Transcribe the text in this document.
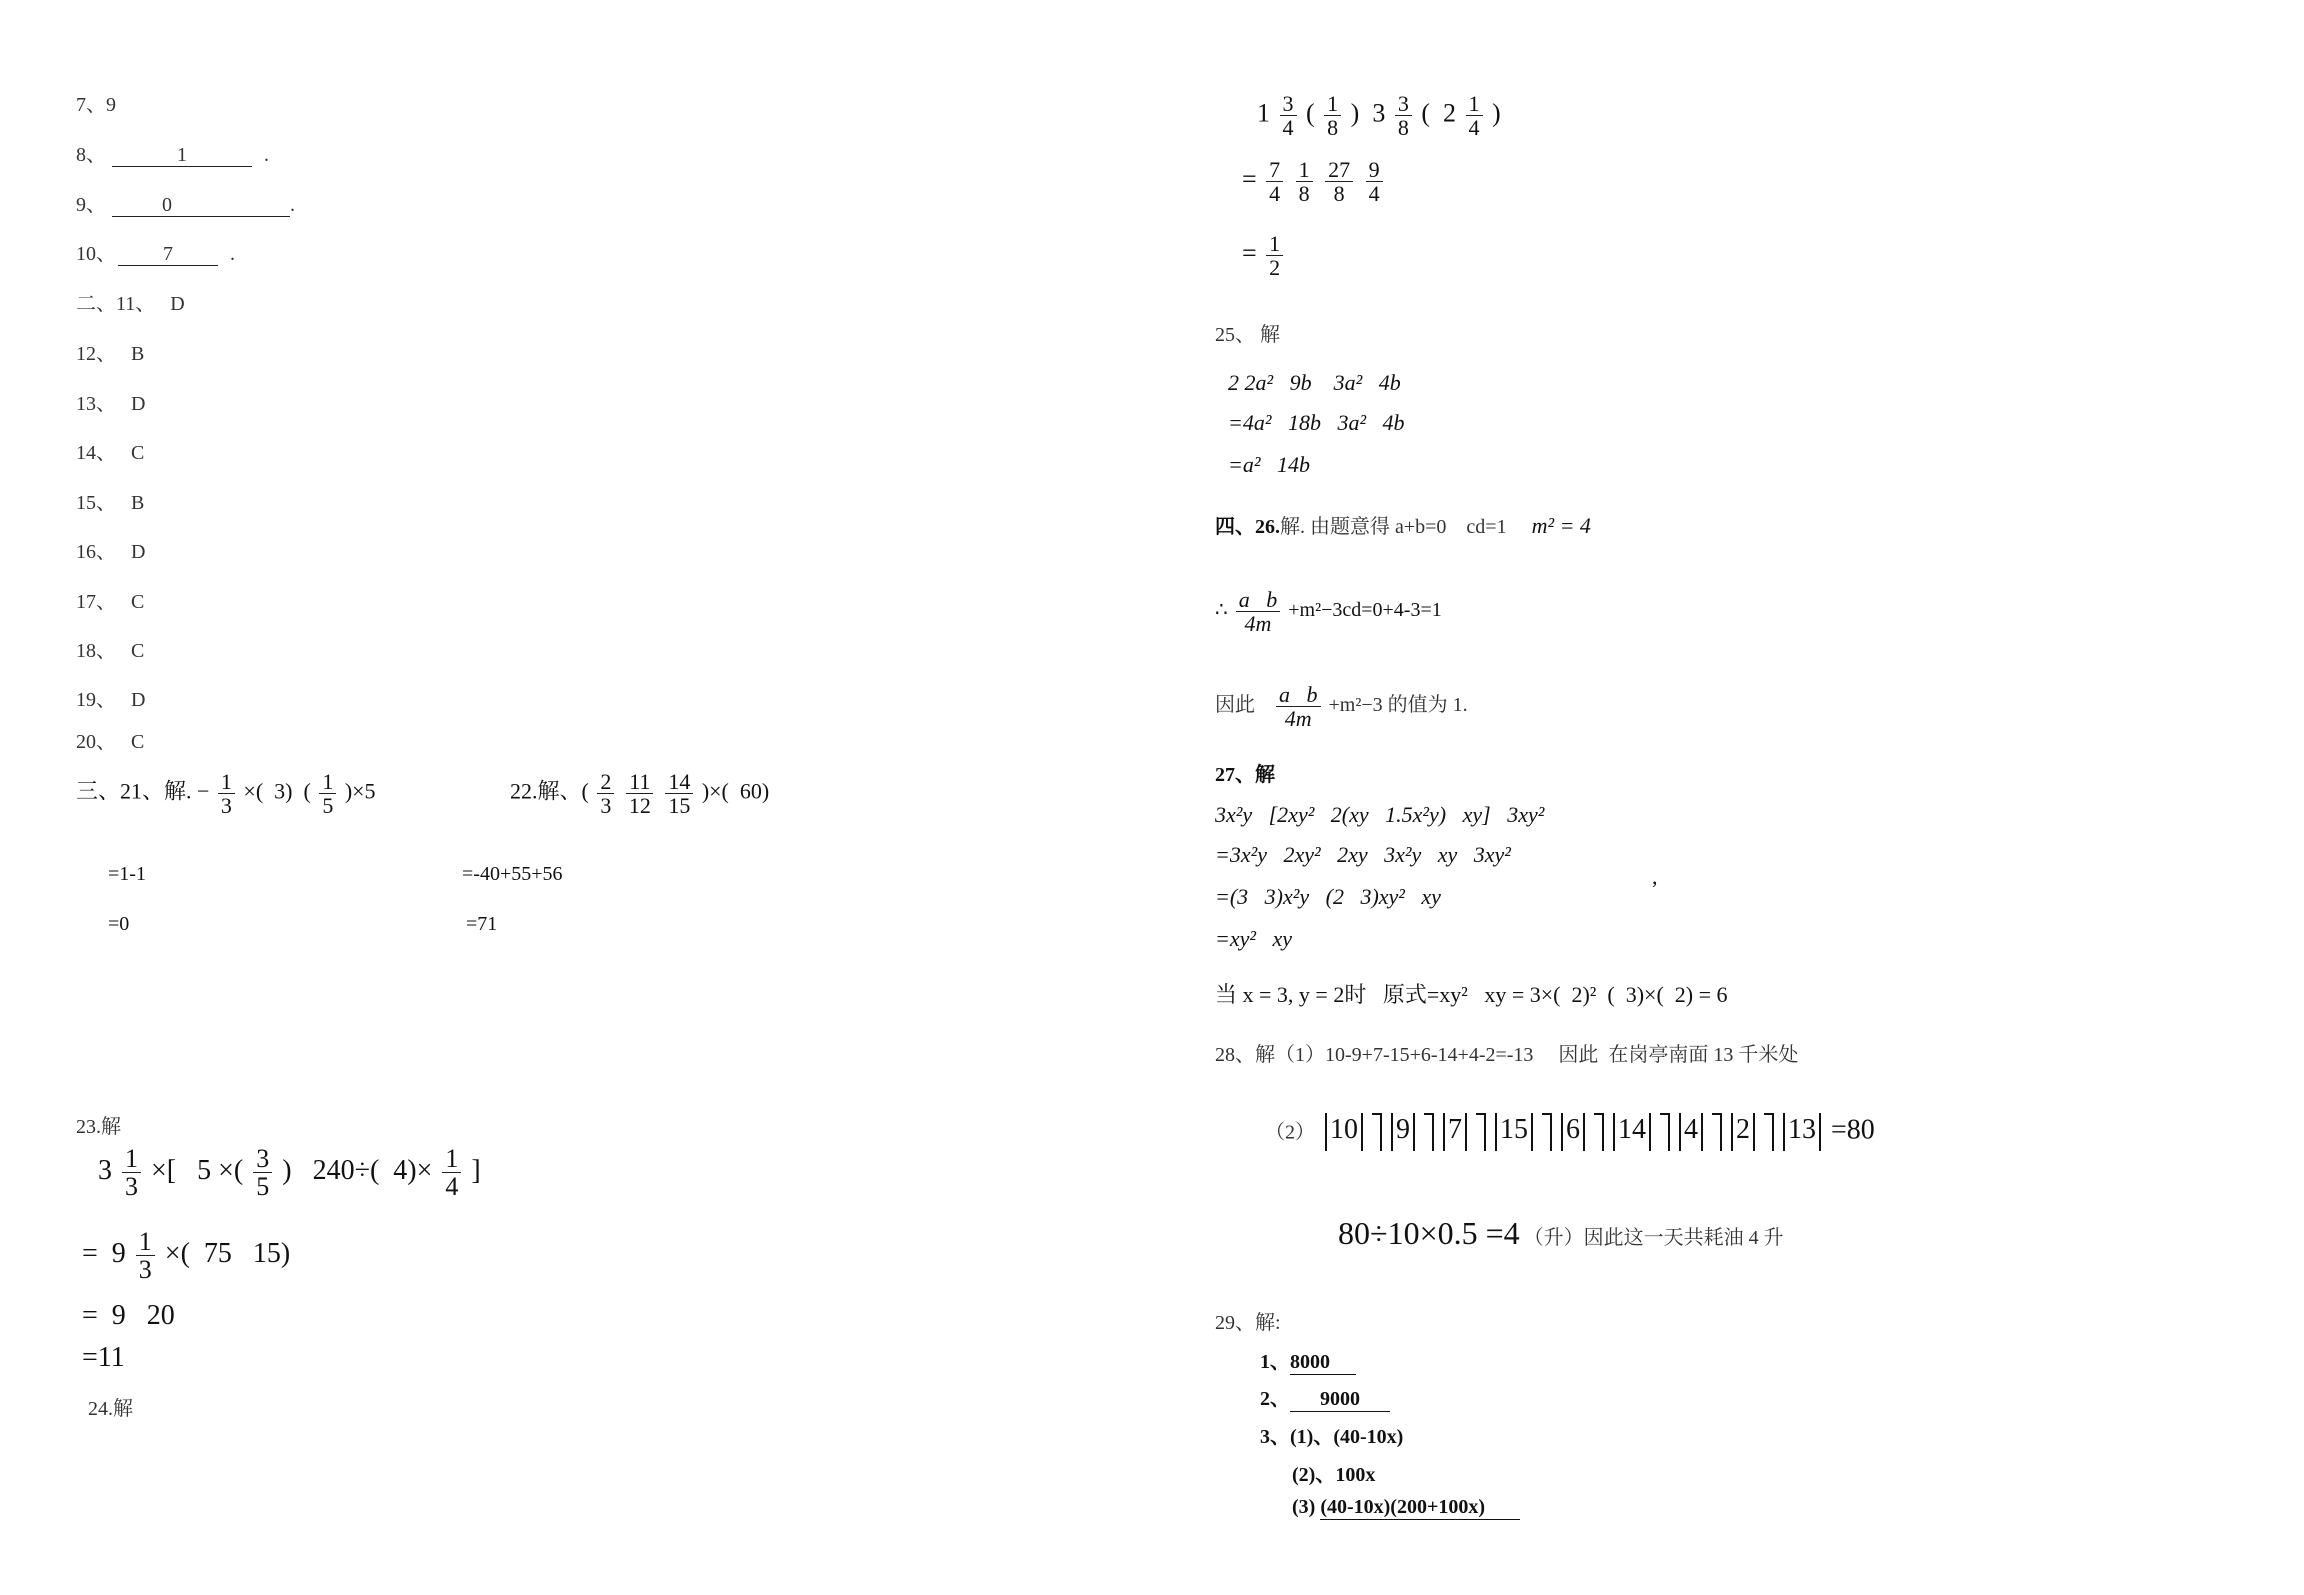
7、9
8、	1	.
9、	0	.
10、 7	.
二、11、   D
12、   B
13、   D
14、   C
15、   B
16、   D
17、   C
18、   C
19、   D
20、   C
三、21、解. − $\frac{1}{3}$ ×(  3)  ( $\frac{1}{5} )\times 5$
=1-1
=0
22.解、( $\frac{2}{3}$
$\frac{11}{12}$
$\frac{14}{15}$ )×(  60)
=-40+55+56
=71
23.解
$3 \frac{1}{3}$ ×[   5 ×( $\frac{3}{5}$ )   240÷(  $4)\times \frac{1}{4}$ ]
=  $9 \frac{1}{3}$ ×(  75   15)
=  9   20
=11
24.解
$1 \frac{3}{4}$ ( $\frac{1}{8}$ )  $3 \frac{3}{8}$ (  $2 \frac{1}{4}$ )
= $\frac{7}{4}$
$\frac{1}{8}$
$\frac{27}{8}$
$\frac{9}{4}$
= $\frac{1}{2}$
25、 解
2 2a²   9b    3a²   4b
=4a²   18b   3a²   4b
=a²   14b
四、26.解. 由题意得 a+b=0    cd=1 m² = 4
∴ $\frac{\text{a   b}}{4m} +m^2-3cd=0+4-3=1$
因此 $\frac{\text{a   b}}{4m} +m^2-3$ 的值为 1.
27、解
3x²y   [2xy²   2(xy   1.5x²y)   xy]   3xy²
=3x²y   2xy²   2xy   3x²y   xy   3xy²
=(3   3)x²y   (2   3)xy²   xy
,
=xy²   xy
当 x = 3, y = 2时   原式=xy²   xy = 3×(  2)²  (  3)×(  2) = 6
28、解（1）10-9+7-15+6-14+4-2=-13     因此  在岗亭南面 13 千米处
（2） 10 9 7 15 6 14 4 2 13 =80
80÷10×0.5 =4 （升）因此这一天共耗油 4 升
29、解:
1、8000
2、 9000
3、(1)、(40-10x)
(2)、100x
(3) (40-10x)(200+100x)
